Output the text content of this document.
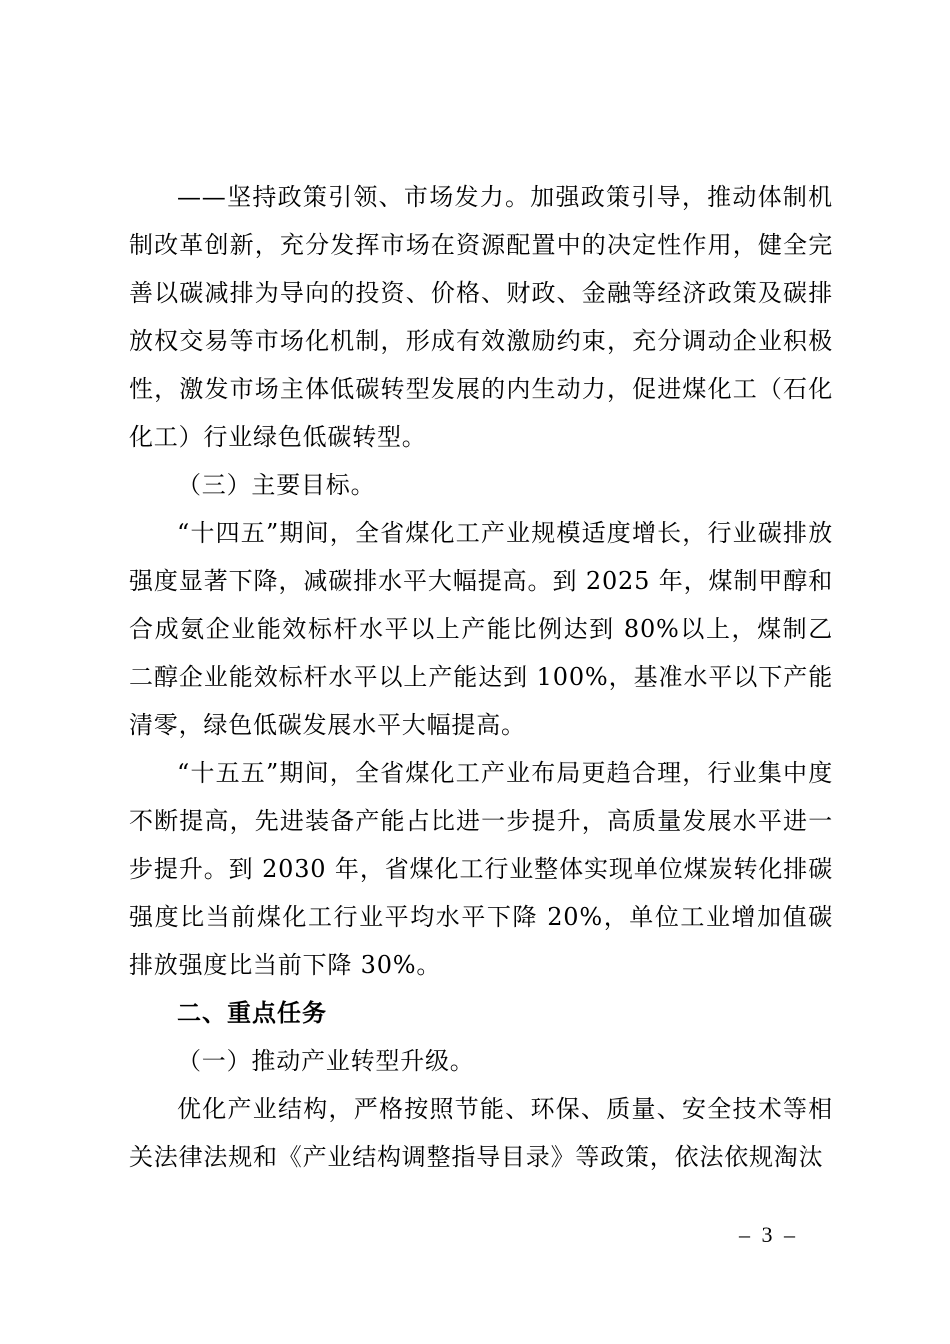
——坚持政策引领、市场发力。加强政策引导，推动体制机制改革创新，充分发挥市场在资源配置中的决定性作用，健全完善以碳减排为导向的投资、价格、财政、金融等经济政策及碳排放权交易等市场化机制，形成有效激励约束，充分调动企业积极性，激发市场主体低碳转型发展的内生动力，促进煤化工（石化化工）行业绿色低碳转型。

（三）主要目标。

“十四五”期间，全省煤化工产业规模适度增长，行业碳排放强度显著下降，减碳排水平大幅提高。到 2025 年，煤制甲醇和合成氨企业能效标杆水平以上产能比例达到 80%以上，煤制乙二醇企业能效标杆水平以上产能达到 100%，基准水平以下产能清零，绿色低碳发展水平大幅提高。

“十五五”期间，全省煤化工产业布局更趋合理，行业集中度不断提高，先进装备产能占比进一步提升，高质量发展水平进一步提升。到 2030 年，省煤化工行业整体实现单位煤炭转化排碳强度比当前煤化工行业平均水平下降 20%，单位工业增加值碳排放强度比当前下降 30%。

二、重点任务

（一）推动产业转型升级。

优化产业结构，严格按照节能、环保、质量、安全技术等相关法律法规和《产业结构调整指导目录》等政策，依法依规淘汰

– 3 –
